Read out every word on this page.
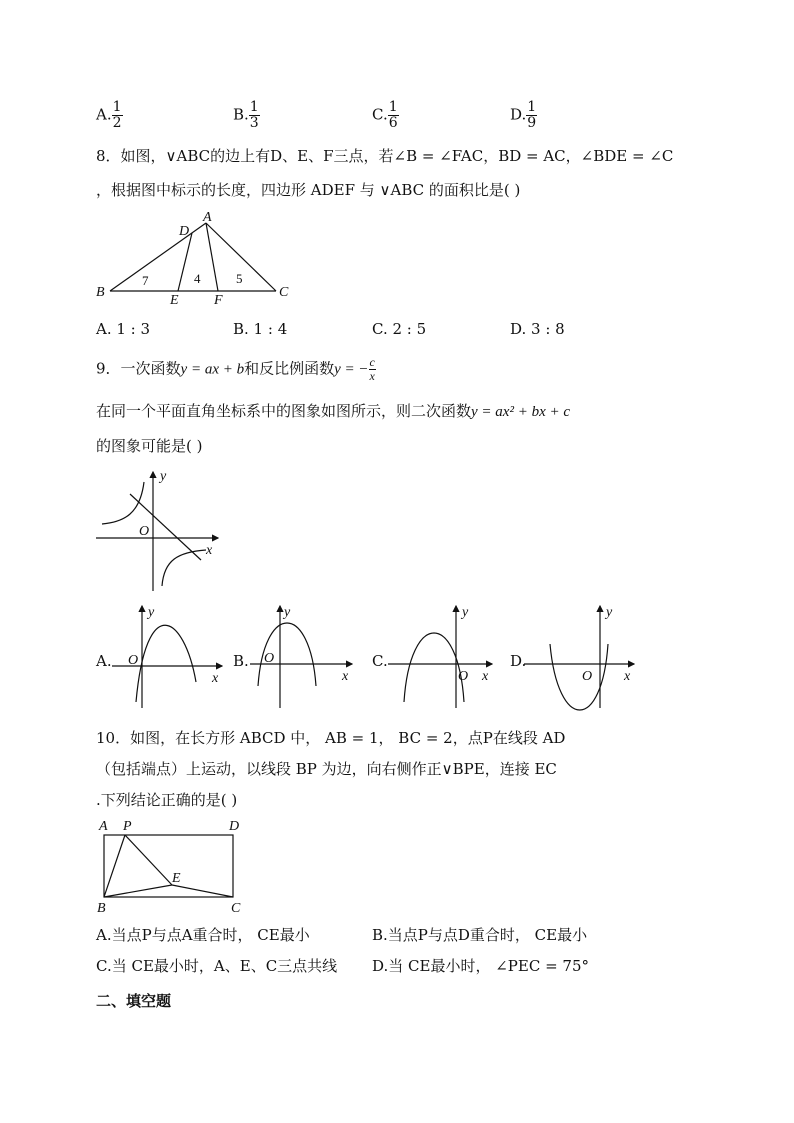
A. $\frac{1}{2}$	B. $\frac{1}{3}$	C. $\frac{1}{6}$	D. $\frac{1}{9}$
8．如图，∨ABC的边上有D、E、F三点，若∠B = ∠FAC，BD = AC，∠BDE = ∠C
，根据图中标示的长度，四边形 ADEF 与 ∨ABC 的面积比是( )
A
D
B	C
E	F
7	4	5
A. 1 : 3	B. 1 : 4	C. 2 : 5	D. 3 : 8
9．一次函数y = ax + b和反比例函数y = − $\frac{c}{x}$
在同一个平面直角坐标系中的图象如图所示，则二次函数y = ax² + bx + c
的图象可能是( )
y
x
O
A.
y
x
O	B.
y
x
O	C.
y
x
O
D.
y
x
O
10．如图，在长方形 ABCD 中， AB = 1， BC = 2，点P在线段 AD
（包括端点）上运动，以线段 BP 为边，向右侧作正∨BPE，连接 EC
.下列结论正确的是( )
A P	D
E
B	C
A.当点P与点A重合时， CE最小	B.当点P与点D重合时， CE最小
C.当 CE最小时，A、E、C三点共线 D.当 CE最小时， ∠PEC = 75°
二、填空题
